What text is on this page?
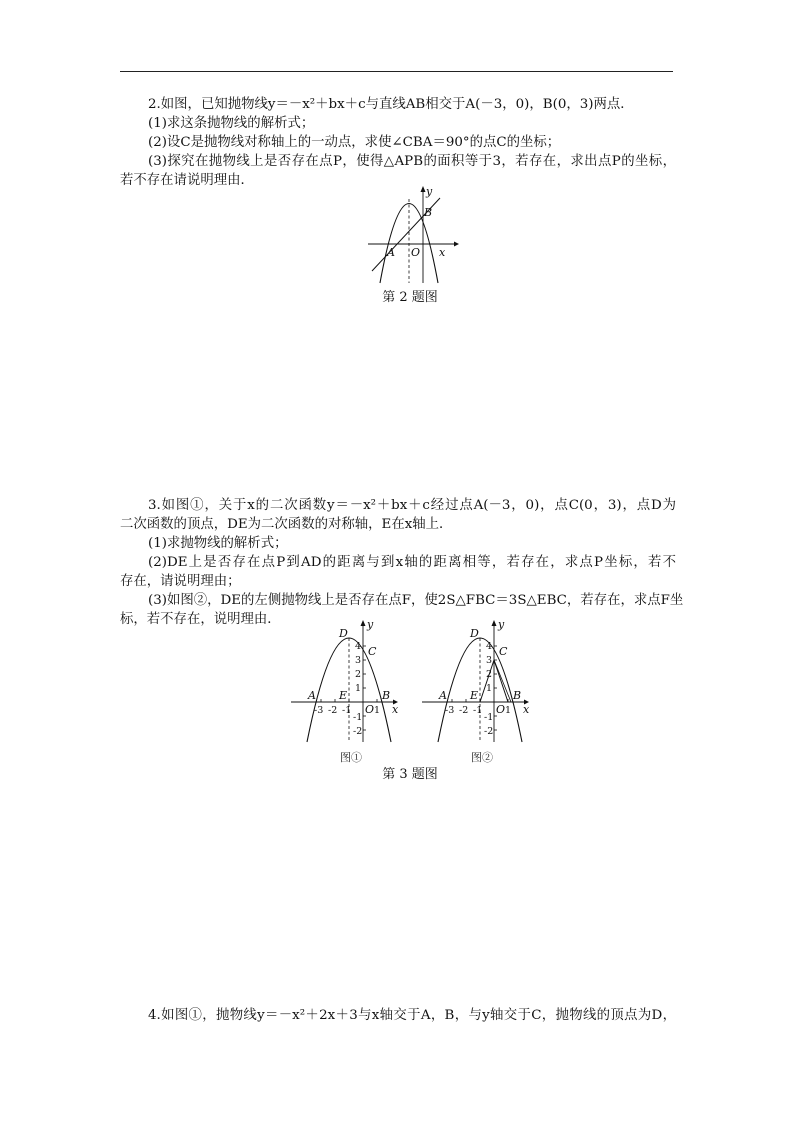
2.如图，已知抛物线y＝－x²＋bx＋c与直线AB相交于A(－3，0)，B(0，3)两点．
(1)求这条抛物线的解析式；
(2)设C是抛物线对称轴上的一动点，求使∠CBA＝90°的点C的坐标；
(3)探究在抛物线上是否存在点P，使得△APB的面积等于3，若存在，求出点P的坐标，
若不存在请说明理由．
A
B
O x
y
第 2 题图
3.如图①，关于x的二次函数y＝－x²＋bx＋c经过点A(－3，0)，点C(0，3)，点D为
二次函数的顶点，DE为二次函数的对称轴，E在x轴上．
(1)求抛物线的解析式；
(2)DE上是否存在点P到AD的距离与到x轴的距离相等，若存在，求点P坐标，若不
存在，请说明理由；
(3)如图②，DE的左侧抛物线上是否存在点F，使2S△FBC＝3S△EBC，若存在，求点F坐
标，若不存在，说明理由．
4
3
2
1
-1
-2
-3 -2 -1 1
D
C
A E	B
O x
y
图①
4
3
2
1
-1
-2
-3 -2 -1 1
D
C
A E	B
O x
y
图②
第 3 题图
4.如图①，抛物线y＝－x²＋2x＋3与x轴交于A，B，与y轴交于C，抛物线的顶点为D，
